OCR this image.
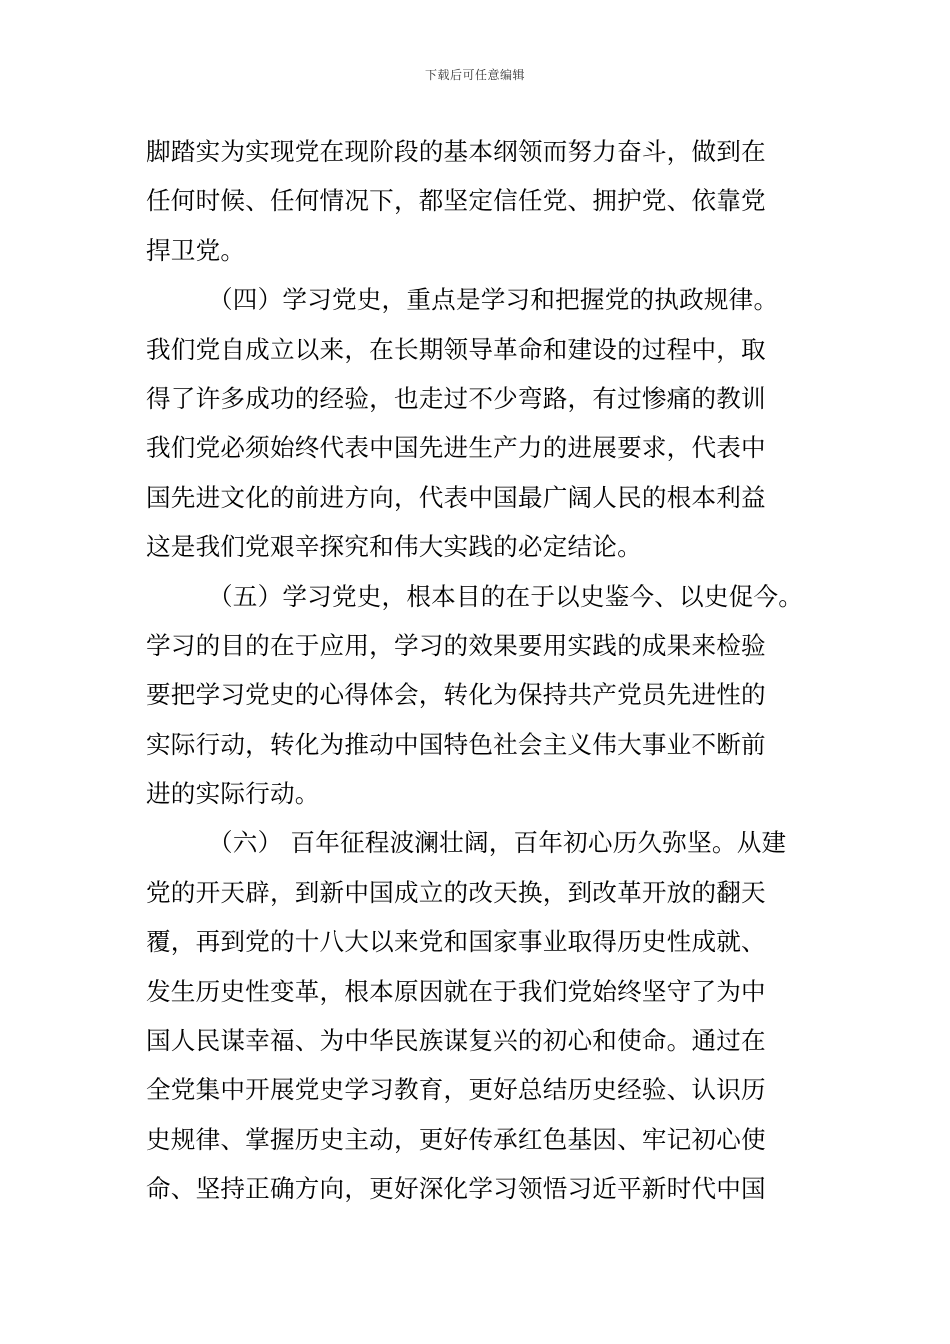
下载后可任意编辑
脚踏实为实现党在现阶段的基本纲领而努力奋斗，做到在
任何时候、任何情况下，都坚定信任党、拥护党、依靠党
捍卫党。
（四）学习党史，重点是学习和把握党的执政规律。
我们党自成立以来，在长期领导革命和建设的过程中，取
得了许多成功的经验，也走过不少弯路，有过惨痛的教训
我们党必须始终代表中国先进生产力的进展要求，代表中
国先进文化的前进方向，代表中国最广阔人民的根本利益
这是我们党艰辛探究和伟大实践的必定结论。
（五）学习党史，根本目的在于以史鉴今、以史促今。
学习的目的在于应用，学习的效果要用实践的成果来检验
要把学习党史的心得体会，转化为保持共产党员先进性的
实际行动，转化为推动中国特色社会主义伟大事业不断前
进的实际行动。
（六） 百年征程波澜壮阔，百年初心历久弥坚。从建
党的开天辟，到新中国成立的改天换，到改革开放的翻天
覆，再到党的十八大以来党和国家事业取得历史性成就、
发生历史性变革，根本原因就在于我们党始终坚守了为中
国人民谋幸福、为中华民族谋复兴的初心和使命。通过在
全党集中开展党史学习教育，更好总结历史经验、认识历
史规律、掌握历史主动，更好传承红色基因、牢记初心使
命、坚持正确方向，更好深化学习领悟习近平新时代中国
